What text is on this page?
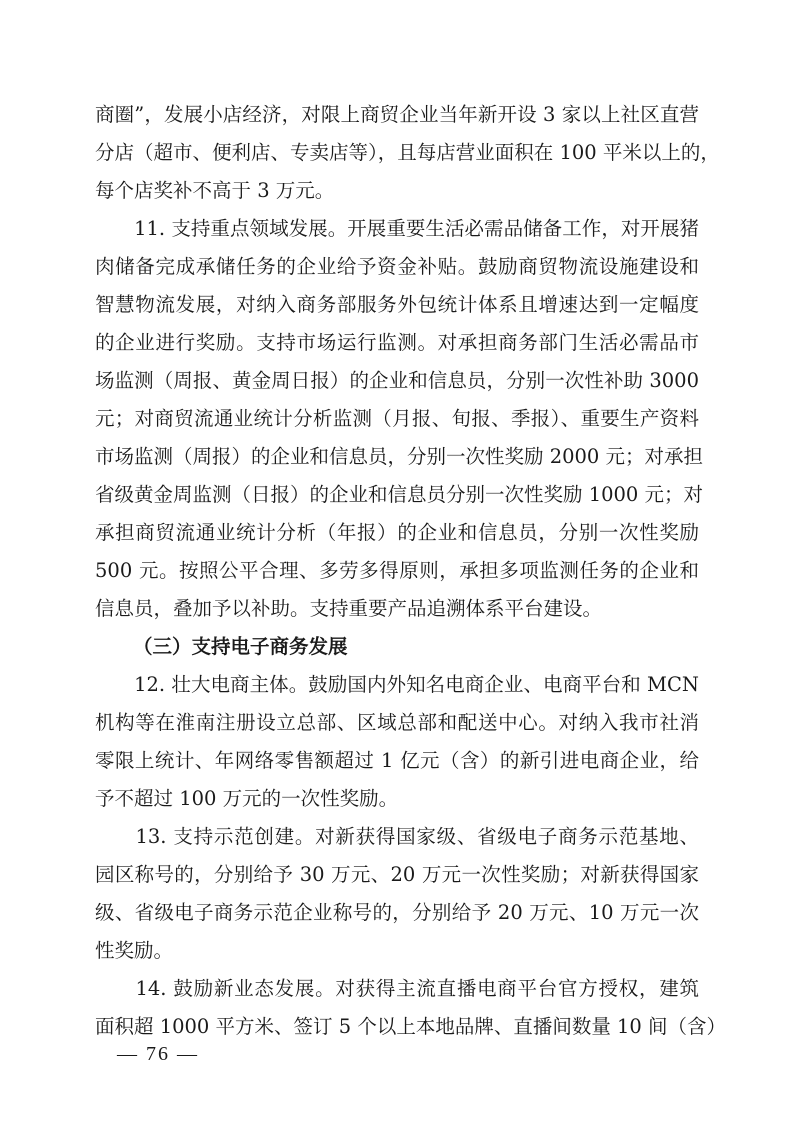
商圈”，发展小店经济，对限上商贸企业当年新开设 3 家以上社区直营
分店（超市、便利店、专卖店等），且每店营业面积在 100 平米以上的，
每个店奖补不高于 3 万元。
　　11. 支持重点领域发展。开展重要生活必需品储备工作，对开展猪
肉储备完成承储任务的企业给予资金补贴。鼓励商贸物流设施建设和
智慧物流发展，对纳入商务部服务外包统计体系且增速达到一定幅度
的企业进行奖励。支持市场运行监测。对承担商务部门生活必需品市
场监测（周报、黄金周日报）的企业和信息员，分别一次性补助 3000
元；对商贸流通业统计分析监测（月报、旬报、季报）、重要生产资料
市场监测（周报）的企业和信息员，分别一次性奖励 2000 元；对承担
省级黄金周监测（日报）的企业和信息员分别一次性奖励 1000 元；对
承担商贸流通业统计分析（年报）的企业和信息员，分别一次性奖励
500 元。按照公平合理、多劳多得原则，承担多项监测任务的企业和
信息员，叠加予以补助。支持重要产品追溯体系平台建设。
（三）支持电子商务发展
　　12. 壮大电商主体。鼓励国内外知名电商企业、电商平台和 MCN
机构等在淮南注册设立总部、区域总部和配送中心。对纳入我市社消
零限上统计、年网络零售额超过 1 亿元（含）的新引进电商企业，给
予不超过 100 万元的一次性奖励。
　　13. 支持示范创建。对新获得国家级、省级电子商务示范基地、
园区称号的，分别给予 30 万元、20 万元一次性奖励；对新获得国家
级、省级电子商务示范企业称号的，分别给予 20 万元、10 万元一次
性奖励。
　　14. 鼓励新业态发展。对获得主流直播电商平台官方授权，建筑
面积超 1000 平方米、签订 5 个以上本地品牌、直播间数量 10 间（含）
— 76 —
